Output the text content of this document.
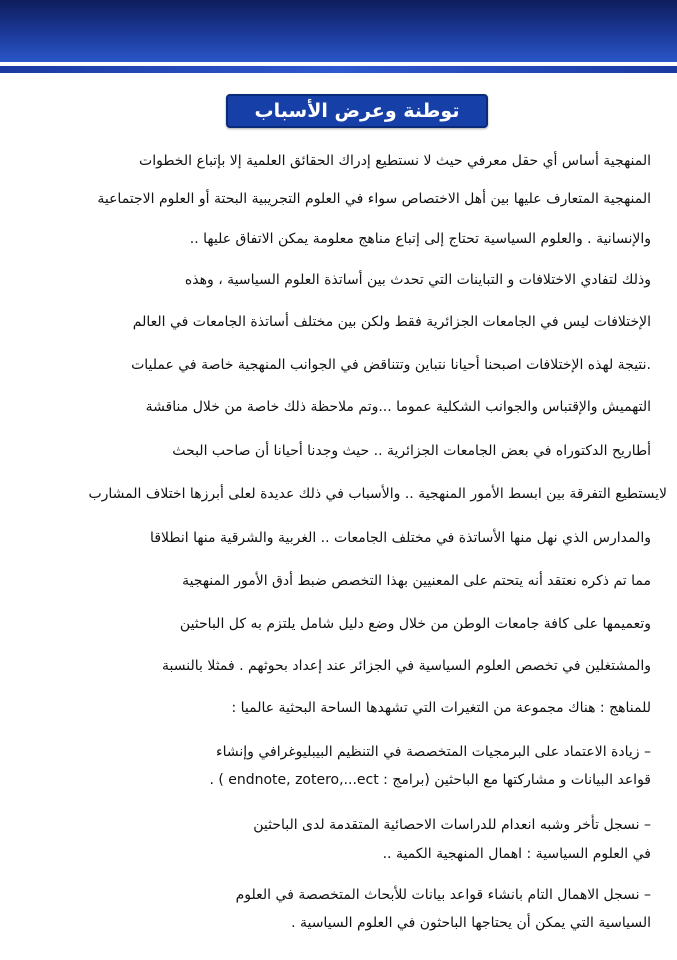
توطنة وعرض الأسباب
المنهجية أساس أي حقل معرفي حيث لا نستطيع إدراك الحقائق العلمية إلا بإتباع الخطوات
المنهجية المتعارف عليها بين أهل الاختصاص سواء في العلوم التجريبية البحتة أو العلوم الاجتماعية
والإنسانية . والعلوم السياسية تحتاج إلى إتباع مناهج معلومة يمكن الاتفاق عليها ..
وذلك لتفادي الاختلافات و التباينات التي تحدث بين أساتذة العلوم السياسية ، وهذه
الإختلافات ليس في الجامعات الجزائرية فقط ولكن بين مختلف أساتذة الجامعات في العالم
.نتيجة لهذه الإختلافات اصبحنا أحيانا نتباين وتتناقض في الجوانب المنهجية خاصة في عمليات
التهميش والإقتباس والجوانب الشكلية عموما ...وتم ملاحظة ذلك خاصة من خلال مناقشة
أطاريح الدكتوراه في بعض الجامعات الجزائرية .. حيث وجدنا أحيانا أن صاحب البحث
لايستطيع التفرقة بين ابسط الأمور المنهجية .. والأسباب في ذلك عديدة لعلى أبرزها اختلاف المشارب
والمدارس الذي نهل منها الأساتذة في مختلف الجامعات .. الغربية والشرقية منها انطلاقا
مما تم ذكره نعتقد أنه يتحتم على المعنيين بهذا التخصص ضبط أدق الأمور المنهجية
وتعميمها على كافة جامعات الوطن من خلال وضع دليل شامل يلتزم به كل الباحثين
والمشتغلين في تخصص العلوم السياسية في الجزائر عند إعداد بحوثهم . فمثلا بالنسبة
للمناهج : هناك مجموعة من التغيرات التي تشهدها الساحة البحثية عالميا :
– زيادة الاعتماد على البرمجيات المتخصصة في التنظيم البيبليوغرافي وإنشاء
قواعد البيانات و مشاركتها مع الباحثين (برامج : endnote, zotero,...ect ) .
– نسجل تأخر وشبه انعدام للدراسات الاحصائية المتقدمة لدى الباحثين
في العلوم السياسية : اهمال المنهجية الكمية ..
– نسجل الاهمال التام بانشاء قواعد بيانات للأبحاث المتخصصة في العلوم
السياسية التي يمكن أن يحتاجها الباحثون في العلوم السياسية .
